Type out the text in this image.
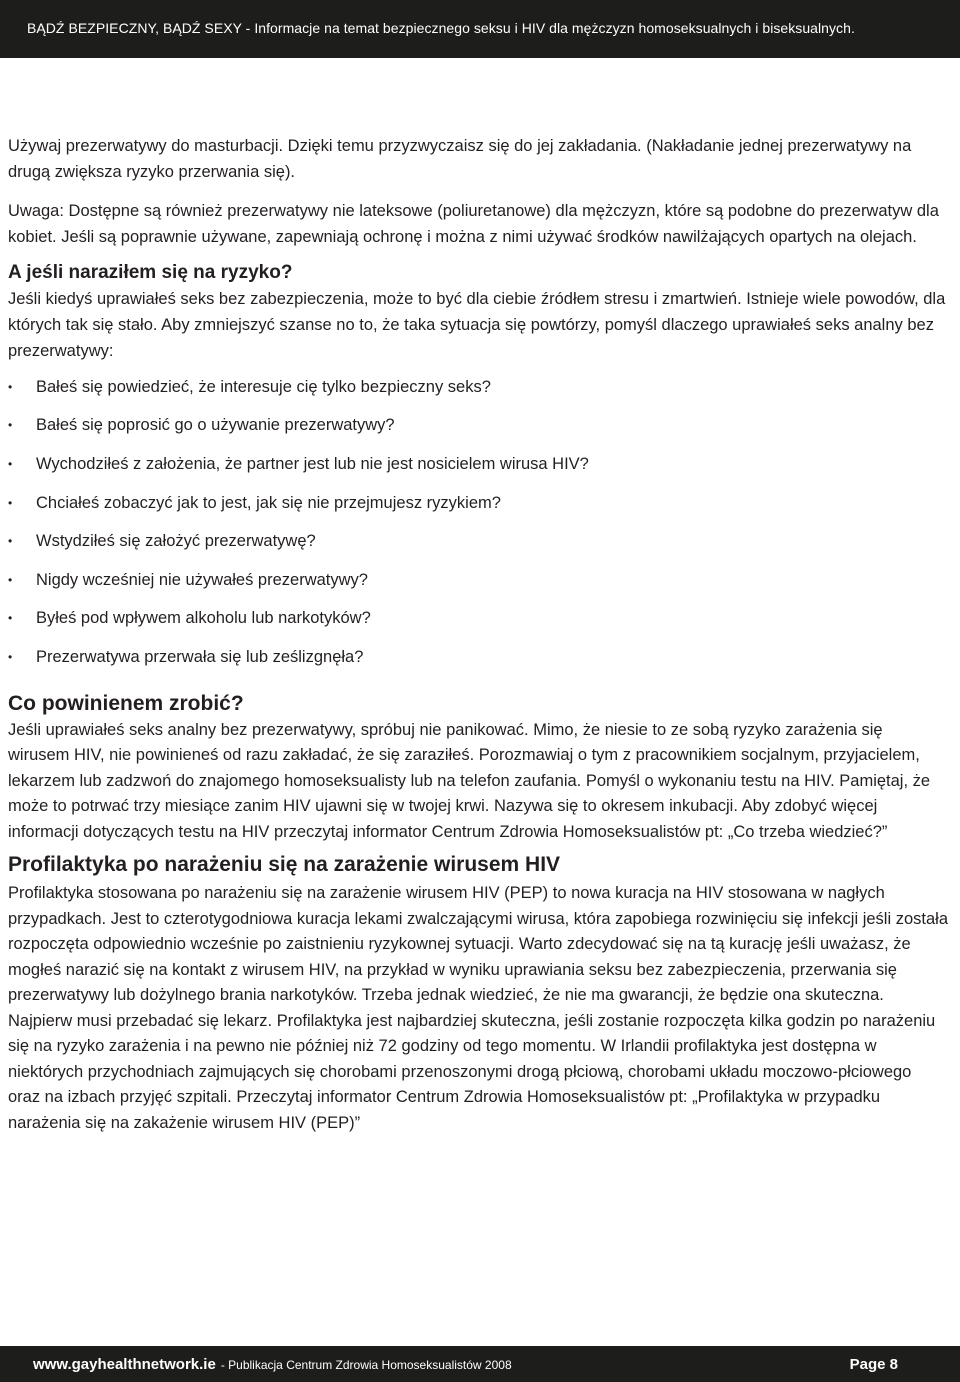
BĄDŹ BEZPIECZNY, BĄDŹ SEXY - Informacje na temat bezpiecznego seksu i HIV dla mężczyzn homoseksualnych i biseksualnych.

Używaj prezerwatywy do masturbacji. Dzięki temu przyzwyczaisz się do jej zakładania. (Nakładanie jednej prezerwatywy na drugą zwiększa ryzyko przerwania się).

Uwaga: Dostępne są również prezerwatywy nie lateksowe (poliuretanowe) dla mężczyzn, które są podobne do prezerwatyw dla kobiet. Jeśli są poprawnie używane, zapewniają ochronę i można z nimi używać środków nawilżających opartych na olejach.

A jeśli naraziłem się na ryzyko?

Jeśli kiedyś uprawiałeś seks bez zabezpieczenia, może to być dla ciebie źródłem stresu i zmartwień. Istnieje wiele powodów, dla których tak się stało. Aby zmniejszyć szanse no to, że taka sytuacja się powtórzy, pomyśl dlaczego uprawiałeś seks analny bez prezerwatywy:

• Bałeś się powiedzieć, że interesuje cię tylko bezpieczny seks?
• Bałeś się poprosić go o używanie prezerwatywy?
• Wychodziłeś z założenia, że partner jest lub nie jest nosicielem wirusa HIV?
• Chciałeś zobaczyć jak to jest, jak się nie przejmujesz ryzykiem?
• Wstydziłeś się założyć prezerwatywę?
• Nigdy wcześniej nie używałeś prezerwatywy?
• Byłeś pod wpływem alkoholu lub narkotyków?
• Prezerwatywa przerwała się lub ześlizgnęła?
Co powinienem zrobić?

Jeśli uprawiałeś seks analny bez prezerwatywy, spróbuj nie panikować. Mimo, że niesie to ze sobą ryzyko zarażenia się wirusem HIV, nie powinieneś od razu zakładać, że się zaraziłeś. Porozmawiaj o tym z pracownikiem socjalnym, przyjacielem, lekarzem lub zadzwoń do znajomego homoseksualisty lub na telefon zaufania. Pomyśl o wykonaniu testu na HIV. Pamiętaj, że może to potrwać trzy miesiące zanim HIV ujawni się w twojej krwi. Nazywa się to okresem inkubacji. Aby zdobyć więcej informacji dotyczących testu na HIV przeczytaj informator Centrum Zdrowia Homoseksualistów pt: „Co trzeba wiedzieć?”

Profilaktyka po narażeniu się na zarażenie wirusem HIV

Profilaktyka stosowana po narażeniu się na zarażenie wirusem HIV (PEP) to nowa kuracja na HIV stosowana w nagłych przypadkach. Jest to czterotygodniowa kuracja lekami zwalczającymi wirusa, która zapobiega rozwinięciu się infekcji jeśli została rozpoczęta odpowiednio wcześnie po zaistnieniu ryzykownej sytuacji. Warto zdecydować się na tą kurację jeśli uważasz, że mogłeś narazić się na kontakt z wirusem HIV, na przykład w wyniku uprawiania seksu bez zabezpieczenia, przerwania się prezerwatywy lub dożylnego brania narkotyków. Trzeba jednak wiedzieć, że nie ma gwarancji, że będzie ona skuteczna. Najpierw musi przebadać się lekarz. Profilaktyka jest najbardziej skuteczna, jeśli zostanie rozpoczęta kilka godzin po narażeniu się na ryzyko zarażenia i na pewno nie później niż 72 godziny od tego momentu. W Irlandii profilaktyka jest dostępna w niektórych przychodniach zajmujących się chorobami przenoszonymi drogą płciową, chorobami układu moczowo-płciowego oraz na izbach przyjęć szpitali. Przeczytaj informator Centrum Zdrowia Homoseksualistów pt: „Profilaktyka w przypadku narażenia się na zakażenie wirusem HIV (PEP)”

www.gayhealthnetwork.ie - Publikacja Centrum Zdrowia Homoseksualistów 2008	Page 8
